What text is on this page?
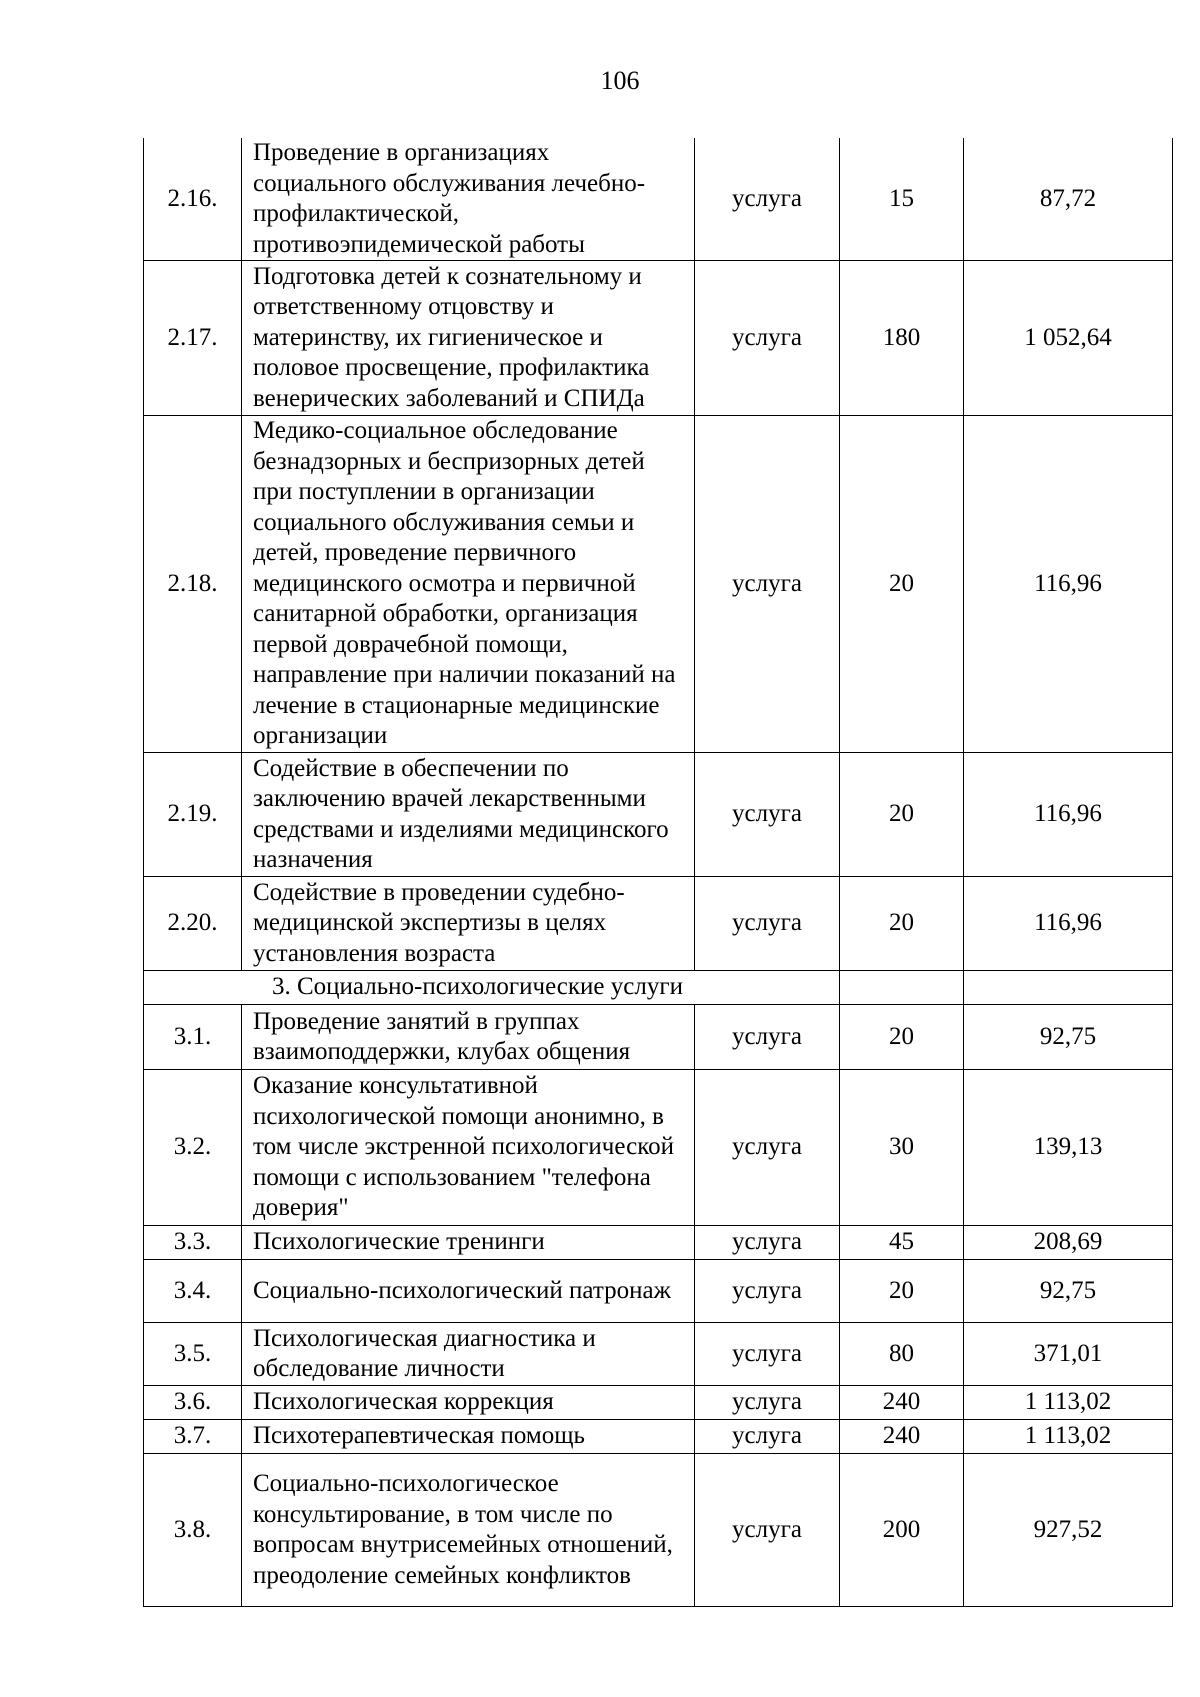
106
2.16.	Проведение в организациях социального обслуживания лечебно-профилактической, противоэпидемической работы	услуга	15	87,72
2.17.	Подготовка детей к сознательному и ответственному отцовству и материнству, их гигиеническое и половое просвещение, профилактика венерических заболеваний и СПИДа	услуга	180	1 052,64
2.18.	Медико-социальное обследование безнадзорных и беспризорных детей при поступлении в организации социального обслуживания семьи и детей, проведение первичного медицинского осмотра и первичной санитарной обработки, организация первой доврачебной помощи, направление при наличии показаний на лечение в стационарные медицинские организации	услуга	20	116,96
2.19.	Содействие в обеспечении по заключению врачей лекарственными средствами и изделиями медицинского назначения	услуга	20	116,96
2.20.	Содействие в проведении судебно-медицинской экспертизы в целях установления возраста	услуга	20	116,96
3. Социально-психологические услуги				
3.1.	Проведение занятий в группах взаимоподдержки, клубах общения	услуга	20	92,75
3.2.	Оказание консультативной психологической помощи анонимно, в том числе экстренной психологической помощи с использованием "телефона доверия"	услуга	30	139,13
3.3.	Психологические тренинги	услуга	45	208,69
3.4.	Социально-психологический патронаж	услуга	20	92,75
3.5.	Психологическая диагностика и обследование личности	услуга	80	371,01
3.6.	Психологическая коррекция	услуга	240	1 113,02
3.7.	Психотерапевтическая помощь	услуга	240	1 113,02
3.8.	Социально-психологическое консультирование, в том числе по вопросам внутрисемейных отношений, преодоление семейных конфликтов	услуга	200	927,52
